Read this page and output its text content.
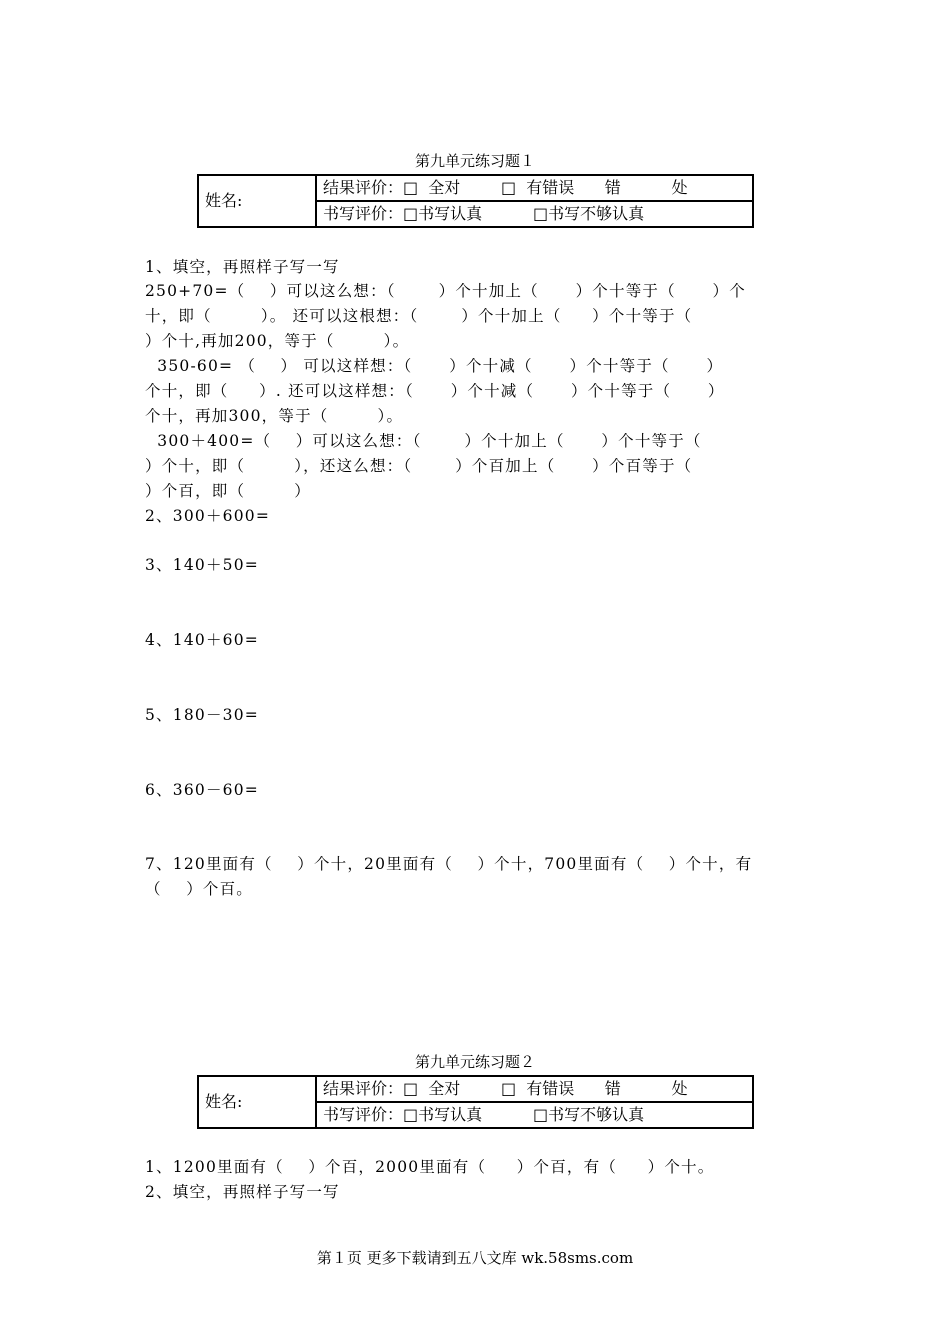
第九单元练习题１
姓名:	结果评价：□  全对        □  有错误      错          处
书写评价：□书写认真          □书写不够认真
1、填空，再照样子写一写
250+70=（    ）可以这么想：（       ）个十加上（      ）个十等于（      ）个
十，即（        ）。 还可以这根想：（       ）个十加上（     ）个十等于（
）个十,再加200，等于（        ）。
350-60= （    ） 可以这样想：（      ）个十减（      ）个十等于（      ）
个十，即（     ）. 还可以这样想：（      ）个十减（      ）个十等于（      ）
个十，再加300，等于（        ）。
300＋400=（    ）可以这么想：（       ）个十加上（      ）个十等于（
）个十，即（        ），还这么想：（       ）个百加上（      ）个百等于（
）个百，即（        ）
2、300＋600=
3、140＋50=
4、140＋60=
5、180－30=
6、360－60=
7、120里面有（    ）个十，20里面有（    ）个十，700里面有（    ）个十，有
（    ）个百。
第九单元练习题２
姓名:	结果评价：□  全对        □  有错误      错          处
书写评价：□书写认真          □书写不够认真
1、1200里面有（    ）个百，2000里面有（     ）个百，有（     ）个十。
2、填空，再照样子写一写
第１页 更多下载请到五八文库 wk.58sms.com
